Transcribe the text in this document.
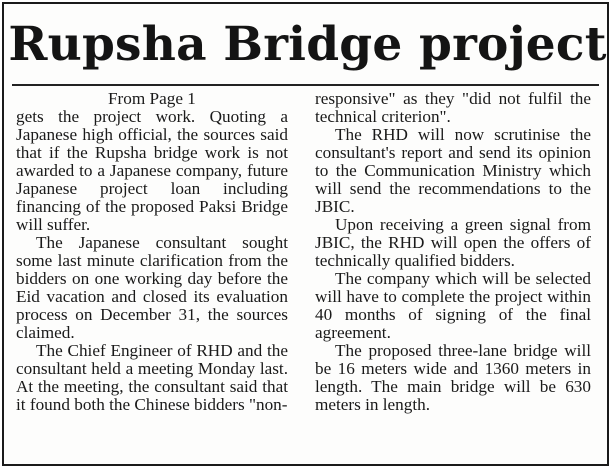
Rupsha Bridge project
From Page 1

gets the project work. Quoting a Japanese high official, the sources said that if the Rupsha bridge work is not awarded to a Japanese company, future Japanese project loan including financing of the proposed Paksi Bridge will suffer.

The Japanese consultant sought some last minute clarification from the bidders on one working day before the Eid vacation and closed its evaluation process on December 31, the sources claimed.

The Chief Engineer of RHD and the consultant held a meeting Monday last. At the meeting, the consultant said that it found both the Chinese bidders "non-

responsive" as they "did not fulfil the technical criterion".

The RHD will now scrutinise the consultant's report and send its opinion to the Communication Ministry which will send the recommendations to the JBIC.

Upon receiving a green signal from JBIC, the RHD will open the offers of technically qualified bidders.

The company which will be selected will have to complete the project within 40 months of signing of the final agreement.

The proposed three-lane bridge will be 16 meters wide and 1360 meters in length. The main bridge will be 630 meters in length.
